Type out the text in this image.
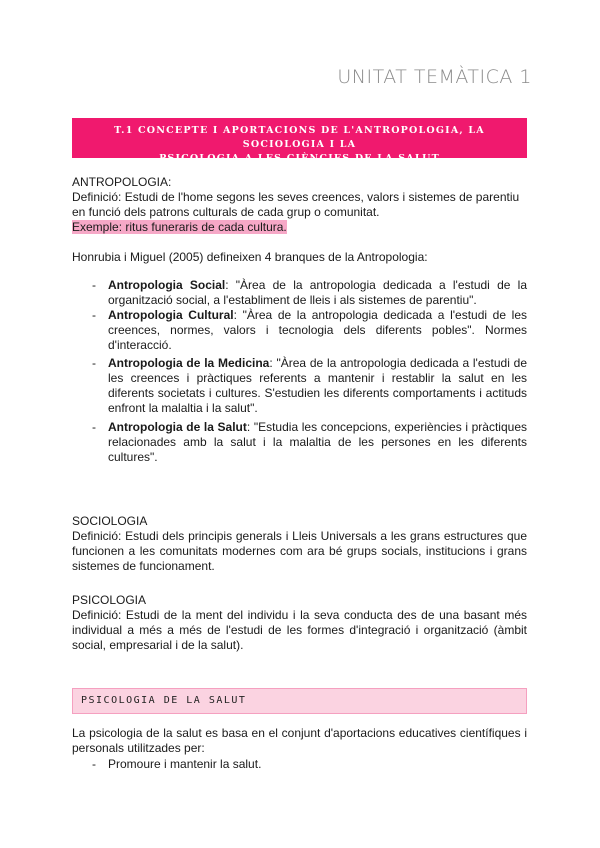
UNITAT TEMÀTICA 1
T.1 CONCEPTE I APORTACIONS DE L'ANTROPOLOGIA, LA SOCIOLOGIA I LA
PSICOLOGIA A LES CIÈNCIES DE LA SALUT
ANTROPOLOGIA:
Definició: Estudi de l'home segons les seves creences, valors i sistemes de parentiu
en funció dels patrons culturals de cada grup o comunitat.
Exemple: ritus funeraris de cada cultura.
Honrubia i Miguel (2005) defineixen 4 branques de la Antropologia:
-	Antropologia Social: "Àrea de la antropologia dedicada a l'estudi de la organització social, a l'establiment de lleis i als sistemes de parentiu".
-	Antropologia Cultural: "Àrea de la antropologia dedicada a l'estudi de les creences, normes, valors i tecnologia dels diferents pobles". Normes d'interacció.
-	Antropologia de la Medicina: "Àrea de la antropologia dedicada a l'estudi de les creences i pràctiques referents a mantenir i restablir la salut en les diferents societats i cultures. S'estudien les diferents comportaments i actituds enfront la malaltia i la salut".
-	Antropologia de la Salut: "Estudia les concepcions, experiències i pràctiques relacionades amb la salut i la malaltia de les persones en les diferents cultures".
SOCIOLOGIA
Definició: Estudi dels principis generals i Lleis Universals a les grans estructures que funcionen a les comunitats modernes com ara bé grups socials, institucions i grans sistemes de funcionament.
PSICOLOGIA
Definició: Estudi de la ment del individu i la seva conducta des de una basant més individual a més a més de l'estudi de les formes d'integració i organització (àmbit social, empresarial i de la salut).
PSICOLOGIA DE LA SALUT
La psicologia de la salut es basa en el conjunt d'aportacions educatives científiques i personals utilitzades per:
-	Promoure i mantenir la salut.
